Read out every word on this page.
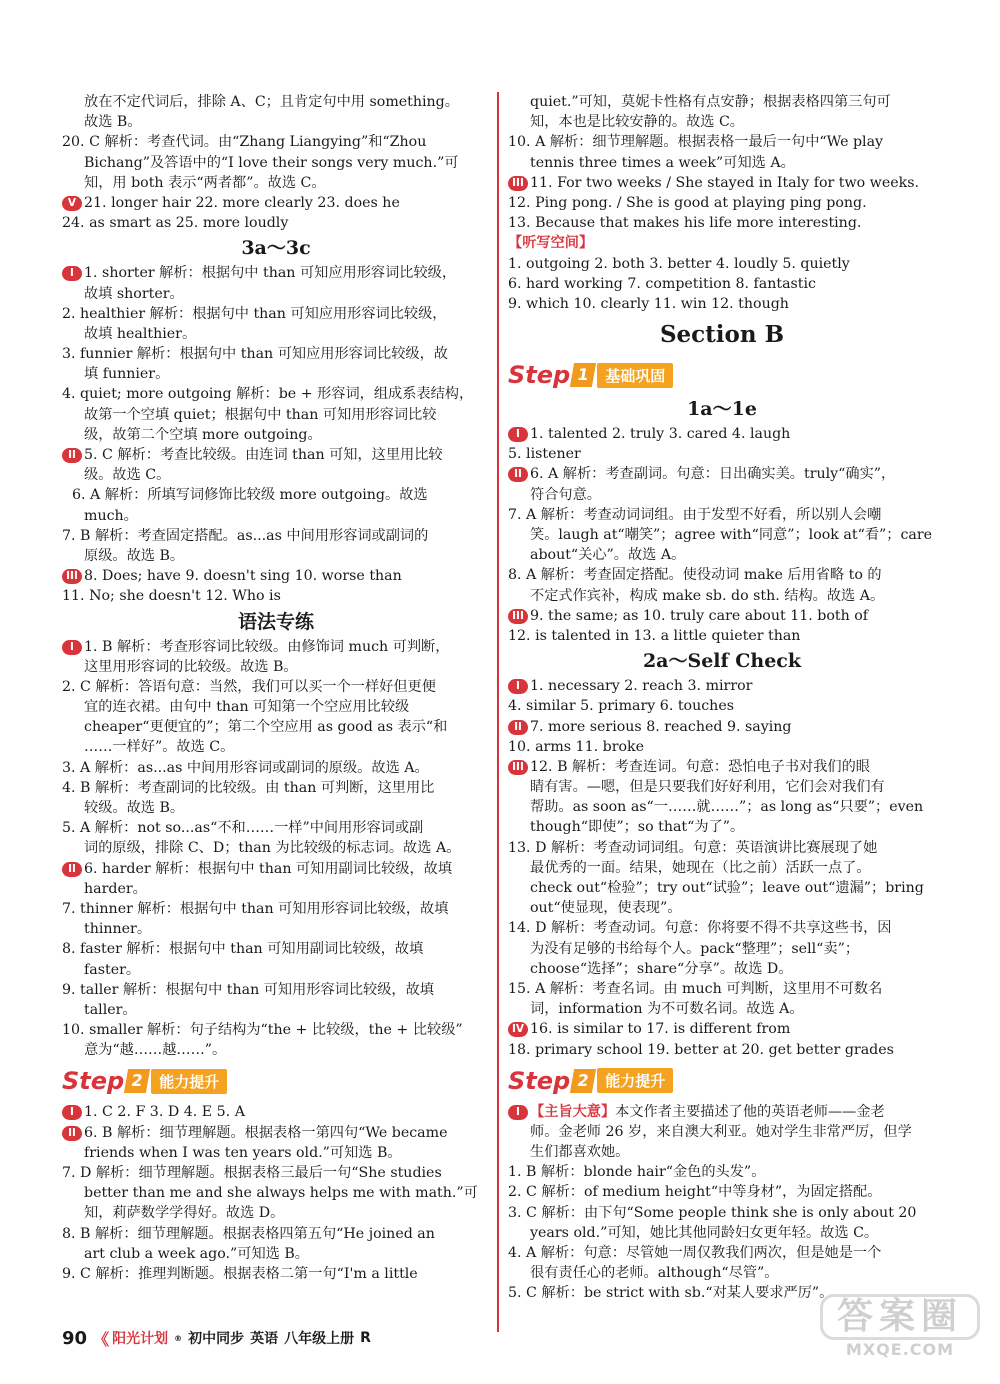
放在不定代词后，排除 A、C；且肯定句中用 something。
故选 B。
20. C 解析：考查代词。由“Zhang Liangying”和“Zhou
Bichang”及答语中的“I love their songs very much.”可
知，用 both 表示“两者都”。故选 C。
V 21. longer hair 22. more clearly 23. does he
24. as smart as 25. more loudly
3a～3c
I 1. shorter 解析：根据句中 than 可知应用形容词比较级，
故填 shorter。
2. healthier 解析：根据句中 than 可知应用形容词比较级，
故填 healthier。
3. funnier 解析：根据句中 than 可知应用形容词比较级，故
填 funnier。
4. quiet; more outgoing 解析：be + 形容词，组成系表结构，
故第一个空填 quiet；根据句中 than 可知用形容词比较
级，故第二个空填 more outgoing。
II 5. C 解析：考查比较级。由连词 than 可知，这里用比较
级。故选 C。
6. A 解析：所填写词修饰比较级 more outgoing。故选
much。
7. B 解析：考查固定搭配。as...as 中间用形容词或副词的
原级。故选 B。
III 8. Does; have 9. doesn't sing 10. worse than
11. No; she doesn't 12. Who is
语法专练
I 1. B 解析：考查形容词比较级。由修饰词 much 可判断，
这里用形容词的比较级。故选 B。
2. C 解析：答语句意：当然，我们可以买一个一样好但更便
宜的连衣裙。由句中 than 可知第一个空应用比较级
cheaper“更便宜的”；第二个空应用 as good as 表示“和
……一样好”。故选 C。
3. A 解析：as...as 中间用形容词或副词的原级。故选 A。
4. B 解析：考查副词的比较级。由 than 可判断，这里用比
较级。故选 B。
5. A 解析：not so...as“不和……一样”中间用形容词或副
词的原级，排除 C、D；than 为比较级的标志词。故选 A。
II 6. harder 解析：根据句中 than 可知用副词比较级，故填
harder。
7. thinner 解析：根据句中 than 可知用形容词比较级，故填
thinner。
8. faster 解析：根据句中 than 可知用副词比较级，故填
faster。
9. taller 解析：根据句中 than 可知用形容词比较级，故填
taller。
10. smaller 解析：句子结构为“the + 比较级，the + 比较级”
意为“越……越……”。
Step 2 能力提升
I 1. C 2. F 3. D 4. E 5. A
II 6. B 解析：细节理解题。根据表格一第四句“We became
friends when I was ten years old.”可知选 B。
7. D 解析：细节理解题。根据表格三最后一句“She studies
better than me and she always helps me with math.”可
知，莉萨数学学得好。故选 D。
8. B 解析：细节理解题。根据表格四第五句“He joined an
art club a week ago.”可知选 B。
9. C 解析：推理判断题。根据表格二第一句“I'm a little
quiet.”可知，莫妮卡性格有点安静；根据表格四第三句可
知，本也是比较安静的。故选 C。
10. A 解析：细节理解题。根据表格一最后一句中“We play
tennis three times a week”可知选 A。
III 11. For two weeks / She stayed in Italy for two weeks.
12. Ping pong. / She is good at playing ping pong.
13. Because that makes his life more interesting.
【听写空间】
1. outgoing 2. both 3. better 4. loudly 5. quietly
6. hard working 7. competition 8. fantastic
9. which 10. clearly 11. win 12. though
Section B
Step 1 基础巩固
1a～1e
I 1. talented 2. truly 3. cared 4. laugh
5. listener
II 6. A 解析：考查副词。句意：日出确实美。truly“确实”，
符合句意。
7. A 解析：考查动词词组。由于发型不好看，所以别人会嘲
笑。laugh at“嘲笑”；agree with“同意”；look at“看”；care
about“关心”。故选 A。
8. A 解析：考查固定搭配。使役动词 make 后用省略 to 的
不定式作宾补，构成 make sb. do sth. 结构。故选 A。
III 9. the same; as 10. truly care about 11. both of
12. is talented in 13. a little quieter than
2a～Self Check
I 1. necessary 2. reach 3. mirror
4. similar 5. primary 6. touches
II 7. more serious 8. reached 9. saying
10. arms 11. broke
III 12. B 解析：考查连词。句意：恐怕电子书对我们的眼
睛有害。—嗯，但是只要我们好好利用，它们会对我们有
帮助。as soon as“一……就……”；as long as“只要”；even
though“即使”；so that“为了”。
13. D 解析：考查动词词组。句意：英语演讲比赛展现了她
最优秀的一面。结果，她现在（比之前）活跃一点了。
check out“检验”；try out“试验”；leave out“遗漏”；bring
out“使显现，使表现”。
14. D 解析：考查动词。句意：你将要不得不共享这些书，因
为没有足够的书给每个人。pack“整理”；sell“卖”；
choose“选择”；share“分享”。故选 D。
15. A 解析：考查名词。由 much 可判断，这里用不可数名
词，information 为不可数名词。故选 A。
IV 16. is similar to 17. is different from
18. primary school 19. better at 20. get better grades
Step 2 能力提升
I 【主旨大意】本文作者主要描述了他的英语老师——金老
师。金老师 26 岁，来自澳大利亚。她对学生非常严厉，但学
生们都喜欢她。
1. B 解析：blonde hair“金色的头发”。
2. C 解析：of medium height“中等身材”，为固定搭配。
3. C 解析：由下句“Some people think she is only about 20
years old.”可知，她比其他同龄妇女更年轻。故选 C。
4. A 解析：句意：尽管她一周仅教我们两次，但是她是一个
很有责任心的老师。although“尽管”。
5. C 解析：be strict with sb.“对某人要求严厉”。
90 《 阳光计划 ® 初中同步 英语 八年级上册 R
答案圈
MXQE.COM
